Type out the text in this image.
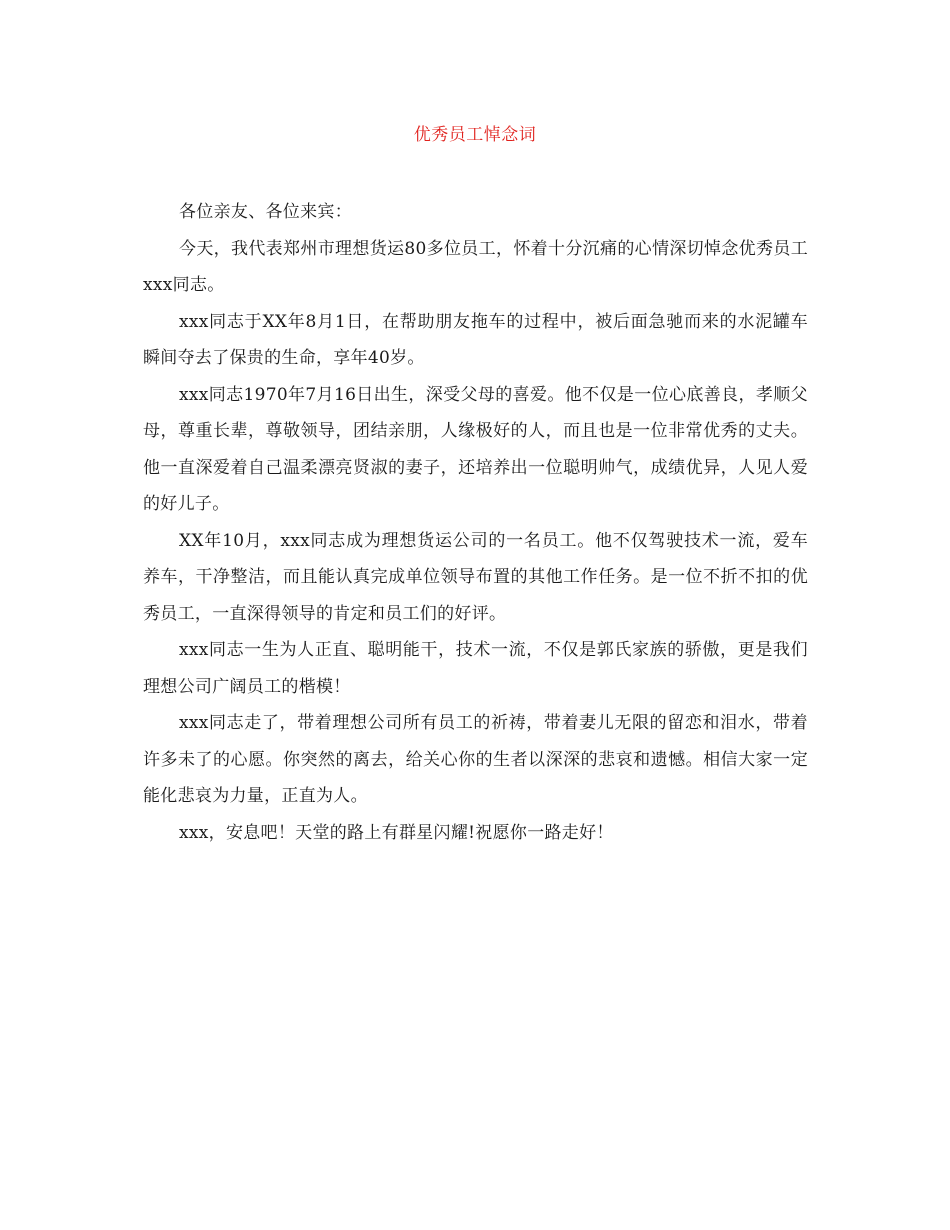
优秀员工悼念词

各位亲友、各位来宾：

今天，我代表郑州市理想货运80多位员工，怀着十分沉痛的心情深切悼念优秀员工xxx同志。

xxx同志于XX年8月1日，在帮助朋友拖车的过程中，被后面急驰而来的水泥罐车瞬间夺去了保贵的生命，享年40岁。

xxx同志1970年7月16日出生，深受父母的喜爱。他不仅是一位心底善良，孝顺父母，尊重长辈，尊敬领导，团结亲朋，人缘极好的人，而且也是一位非常优秀的丈夫。他一直深爱着自己温柔漂亮贤淑的妻子，还培养出一位聪明帅气，成绩优异，人见人爱的好儿子。

XX年10月，xxx同志成为理想货运公司的一名员工。他不仅驾驶技术一流，爱车养车，干净整洁，而且能认真完成单位领导布置的其他工作任务。是一位不折不扣的优秀员工，一直深得领导的肯定和员工们的好评。

xxx同志一生为人正直、聪明能干，技术一流，不仅是郭氏家族的骄傲，更是我们理想公司广阔员工的楷模！

xxx同志走了，带着理想公司所有员工的祈祷，带着妻儿无限的留恋和泪水，带着许多未了的心愿。你突然的离去，给关心你的生者以深深的悲哀和遗憾。相信大家一定能化悲哀为力量，正直为人。

xxx，安息吧！天堂的路上有群星闪耀!祝愿你一路走好！
